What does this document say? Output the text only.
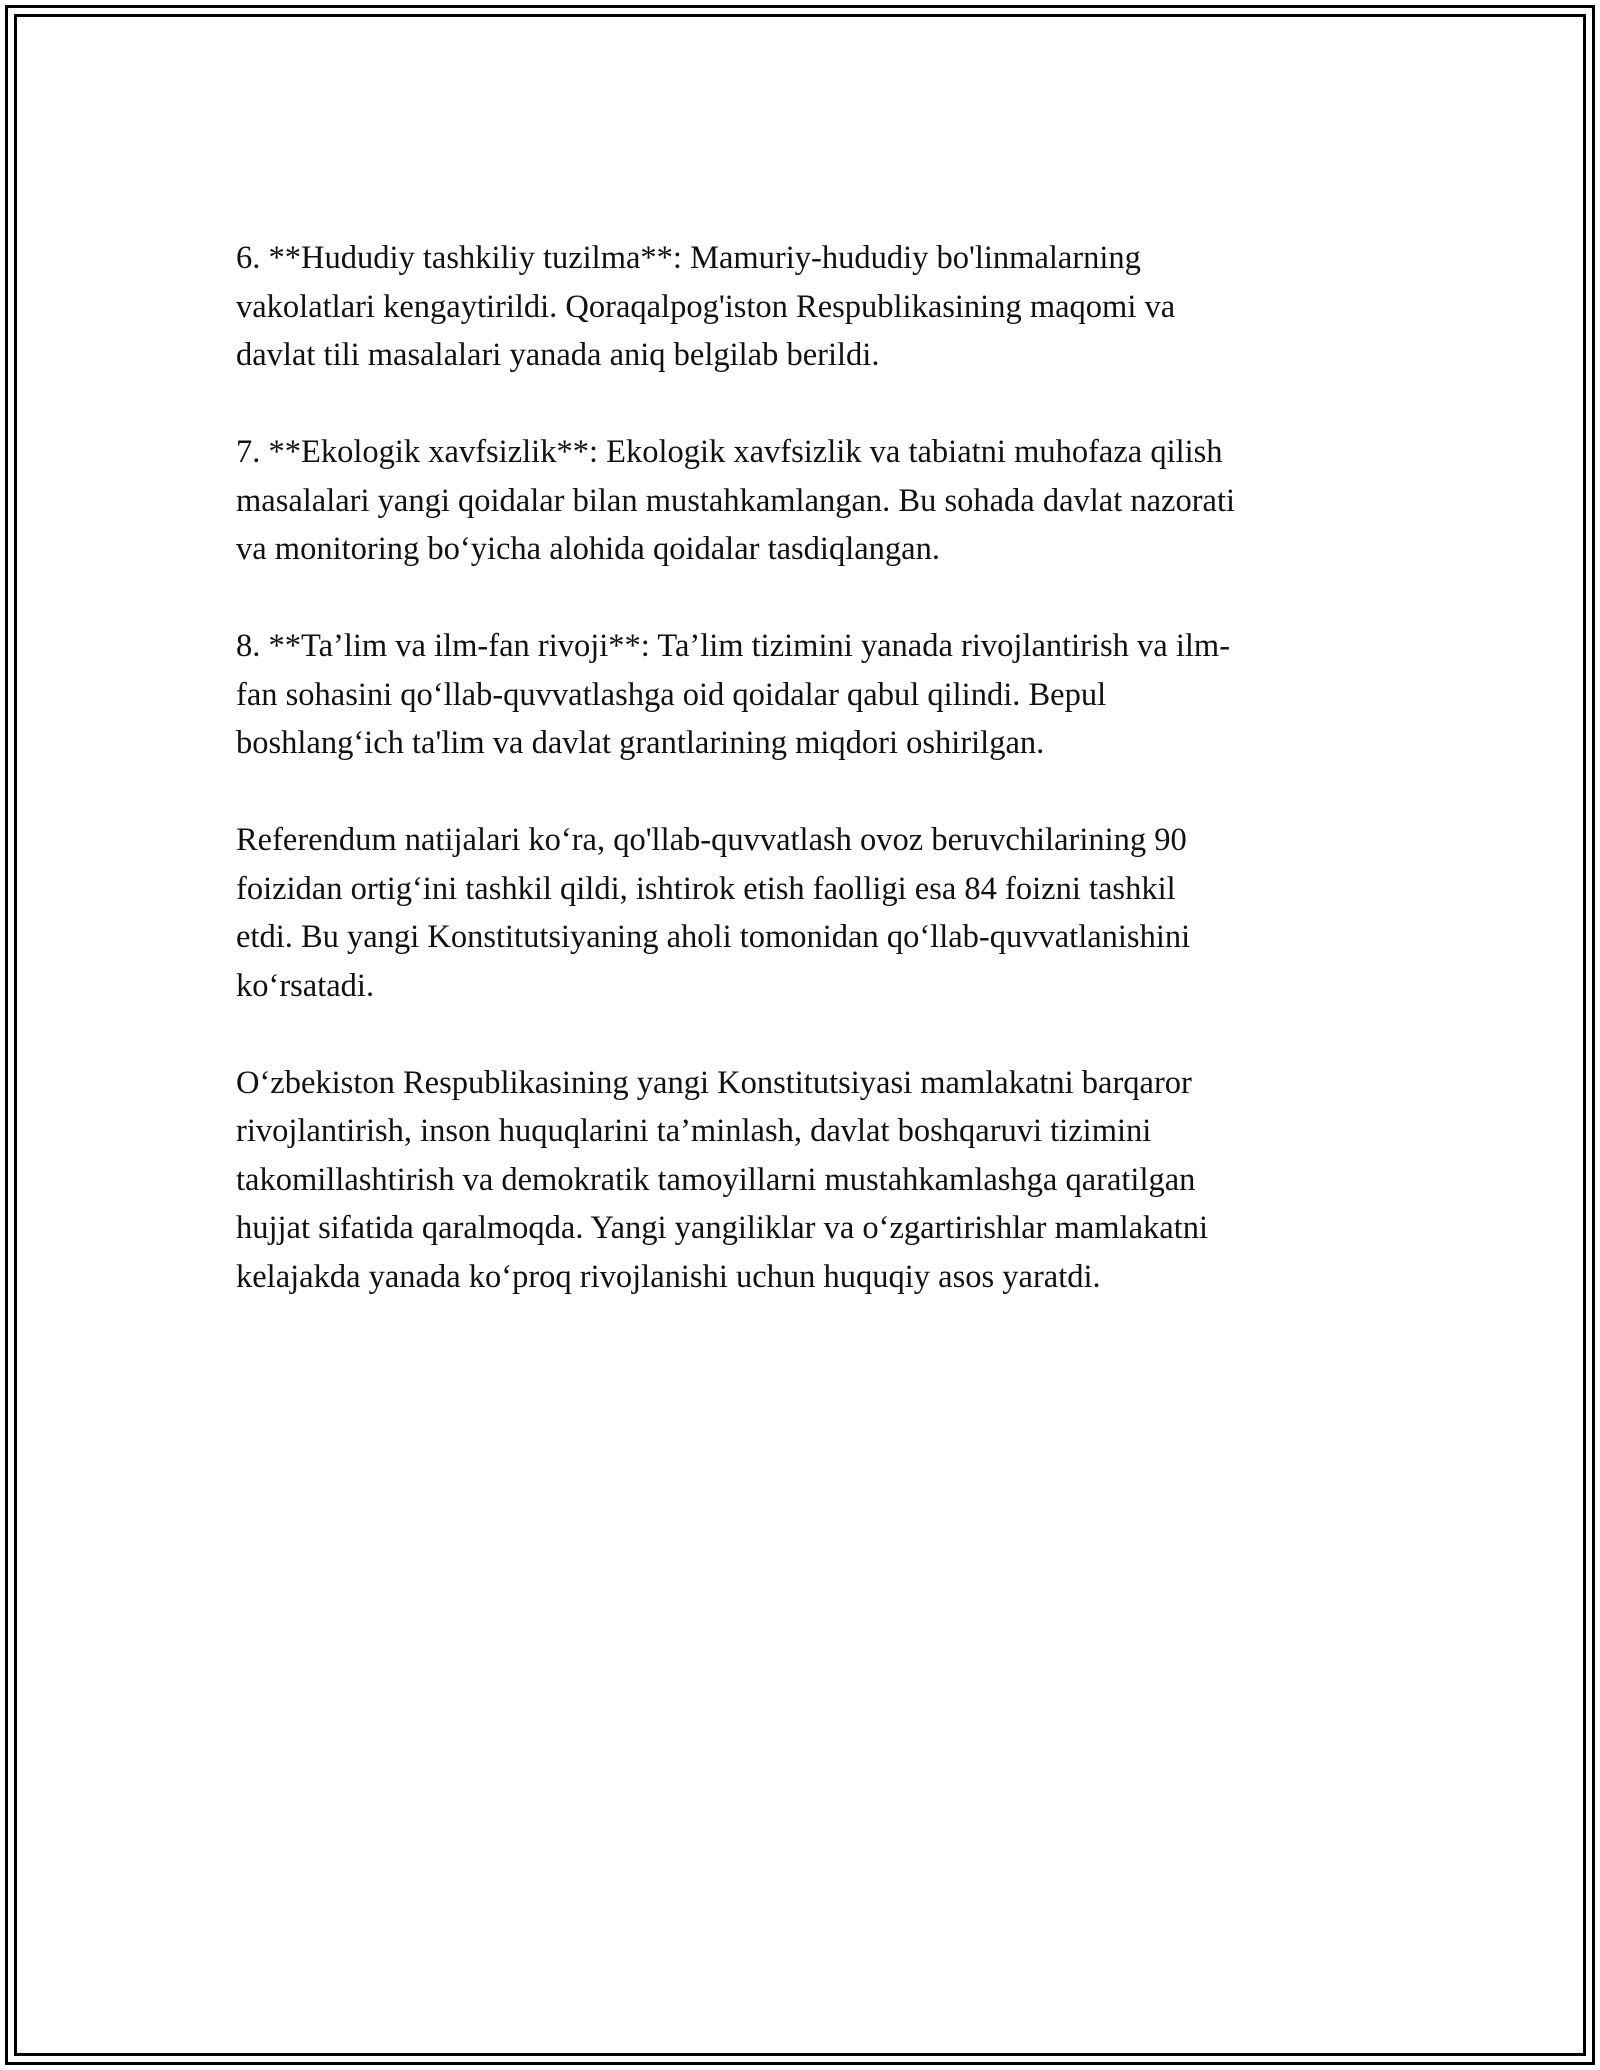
6. **Hududiy tashkiliy tuzilma**: Mamuriy-hududiy bo'linmalarning
vakolatlari kengaytirildi. Qoraqalpog'iston Respublikasining maqomi va
davlat tili masalalari yanada aniq belgilab berildi.

7. **Ekologik xavfsizlik**: Ekologik xavfsizlik va tabiatni muhofaza qilish
masalalari yangi qoidalar bilan mustahkamlangan. Bu sohada davlat nazorati
va monitoring bo‘yicha alohida qoidalar tasdiqlangan.

8. **Ta’lim va ilm-fan rivoji**: Ta’lim tizimini yanada rivojlantirish va ilm-
fan sohasini qo‘llab-quvvatlashga oid qoidalar qabul qilindi. Bepul
boshlang‘ich ta'lim va davlat grantlarining miqdori oshirilgan.

Referendum natijalari ko‘ra, qo'llab-quvvatlash ovoz beruvchilarining 90
foizidan ortig‘ini tashkil qildi, ishtirok etish faolligi esa 84 foizni tashkil
etdi. Bu yangi Konstitutsiyaning aholi tomonidan qo‘llab-quvvatlanishini
ko‘rsatadi.

O‘zbekiston Respublikasining yangi Konstitutsiyasi mamlakatni barqaror
rivojlantirish, inson huquqlarini ta’minlash, davlat boshqaruvi tizimini
takomillashtirish va demokratik tamoyillarni mustahkamlashga qaratilgan
hujjat sifatida qaralmoqda. Yangi yangiliklar va o‘zgartirishlar mamlakatni
kelajakda yanada ko‘proq rivojlanishi uchun huquqiy asos yaratdi.
